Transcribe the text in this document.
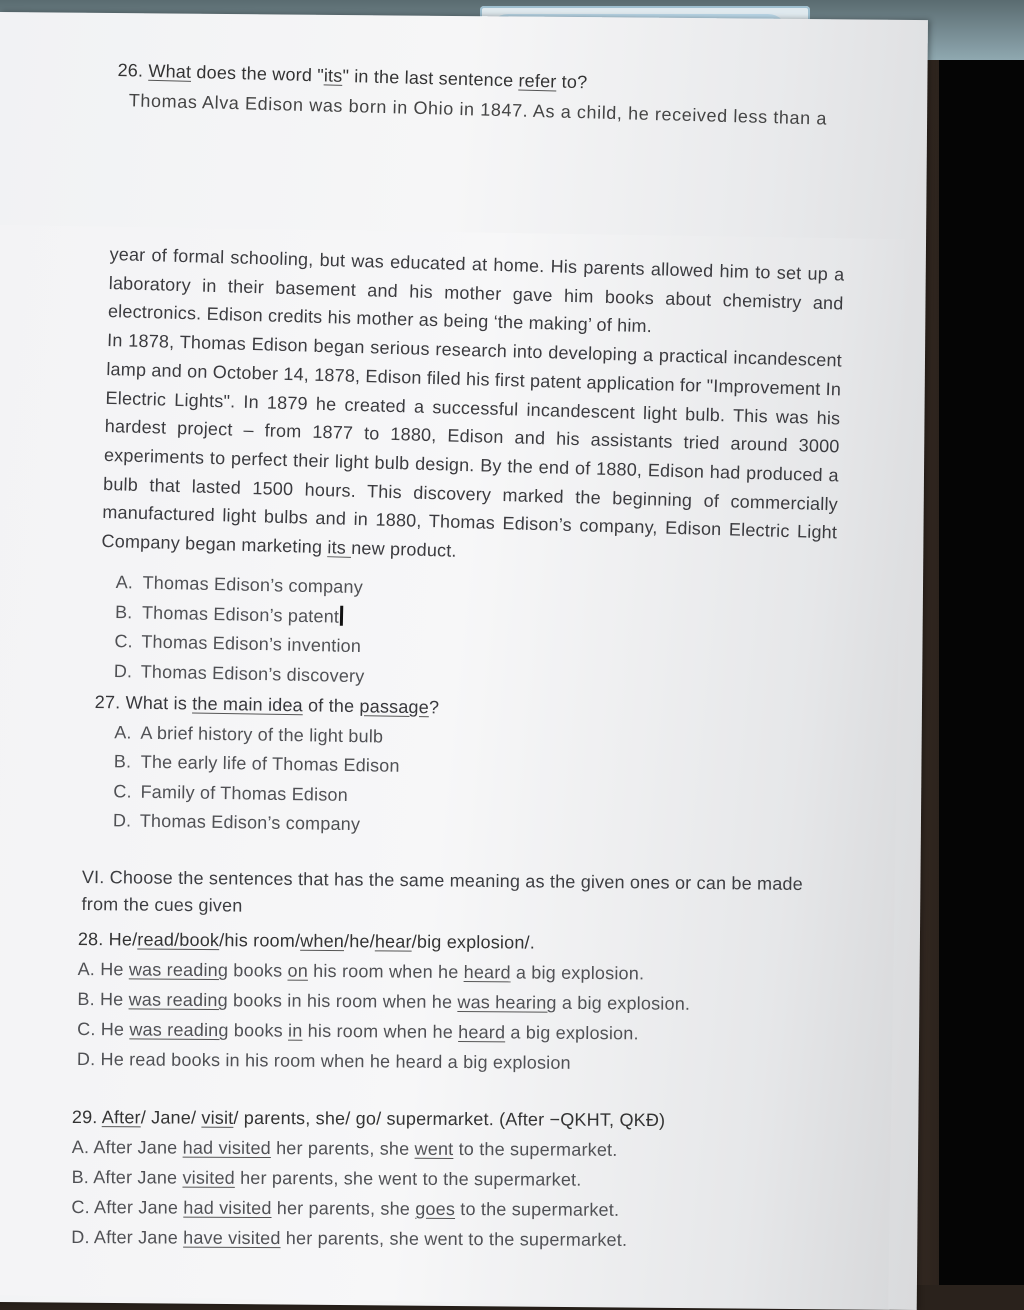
26. What does the word "its" in the last sentence refer to?
Thomas Alva Edison was born in Ohio in 1847. As a child, he received less than a

year of formal schooling, but was educated at home. His parents allowed him to set up a laboratory in their basement and his mother gave him books about chemistry and electronics. Edison credits his mother as being ‘the making’ of him.

In 1878, Thomas Edison began serious research into developing a practical incandescent lamp and on October 14, 1878, Edison filed his first patent application for "Improvement In Electric Lights". In 1879 he created a successful incandescent light bulb. This was his hardest project – from 1877 to 1880, Edison and his assistants tried around 3000 experiments to perfect their light bulb design. By the end of 1880, Edison had produced a bulb that lasted 1500 hours. This discovery marked the beginning of commercially manufactured light bulbs and in 1880, Thomas Edison’s company, Edison Electric Light Company began marketing its new product.

A. Thomas Edison’s company
B. Thomas Edison’s patent
C. Thomas Edison’s invention
D. Thomas Edison’s discovery
27. What is the main idea of the passage?
A. A brief history of the light bulb
B. The early life of Thomas Edison
C. Family of Thomas Edison
D. Thomas Edison’s company
VI. Choose the sentences that has the same meaning as the given ones or can be made from the cues given
28. He/read/book/his room/when/he/hear/big explosion/.
A. He was reading books on his room when he heard a big explosion.
B. He was reading books in his room when he was hearing a big explosion.
C. He was reading books in his room when he heard a big explosion.
D. He read books in his room when he heard a big explosion
29. After/ Jane/ visit/ parents, she/ go/ supermarket. (After −QKHT, QKĐ)
A. After Jane had visited her parents, she went to the supermarket.
B. After Jane visited her parents, she went to the supermarket.
C. After Jane had visited her parents, she goes to the supermarket.
D. After Jane have visited her parents, she went to the supermarket.
